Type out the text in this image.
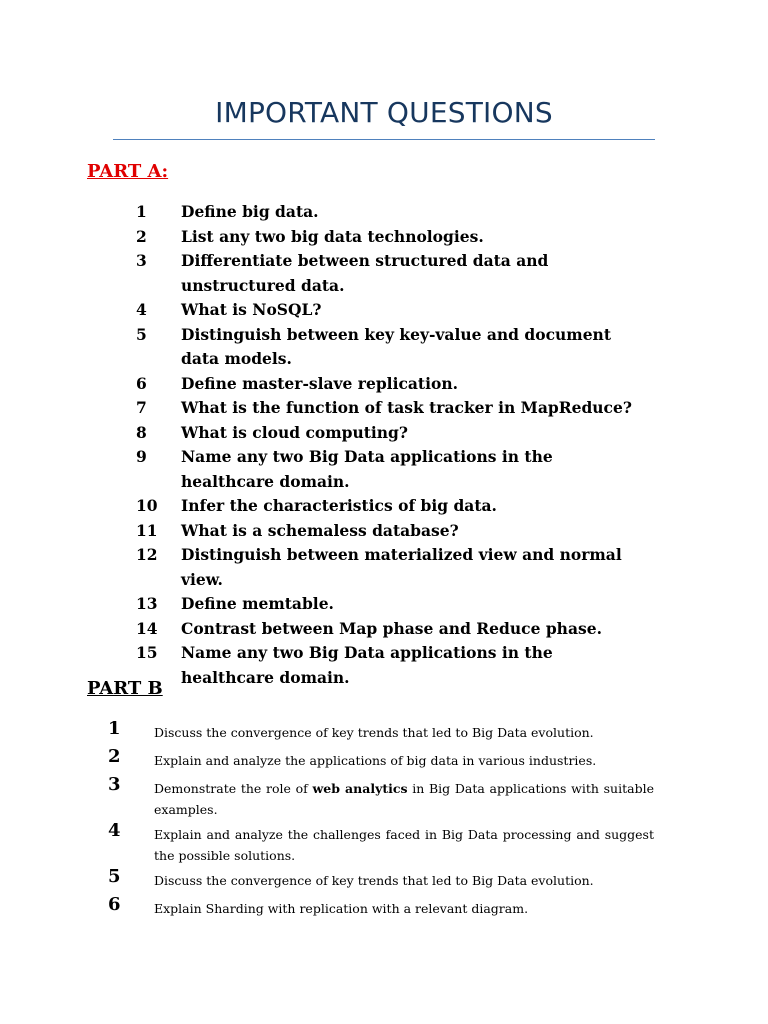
IMPORTANT QUESTIONS
PART A:
1	Define big data.
2	List any two big data technologies.
3	Differentiate between structured data and unstructured data.
4	What is NoSQL?
5	Distinguish between key key-value and document data models.
6	Define master-slave replication.
7	What is the function of task tracker in MapReduce?
8	What is cloud computing?
9	Name any two Big Data applications in the healthcare domain.
10 Infer the characteristics of big data.
11 What is a schemaless database?
12 Distinguish between materialized view and normal view.
13 Define memtable.
14 Contrast between Map phase and Reduce phase.
15 Name any two Big Data applications in the healthcare domain.
PART B
1	Discuss the convergence of key trends that led to Big Data evolution.
2	Explain and analyze the applications of big data in various industries.
3	Demonstrate the role of web analytics in Big Data applications with suitable examples.
4	Explain and analyze the challenges faced in Big Data processing and suggest the possible solutions.
5	Discuss the convergence of key trends that led to Big Data evolution.
6	Explain Sharding with replication with a relevant diagram.
